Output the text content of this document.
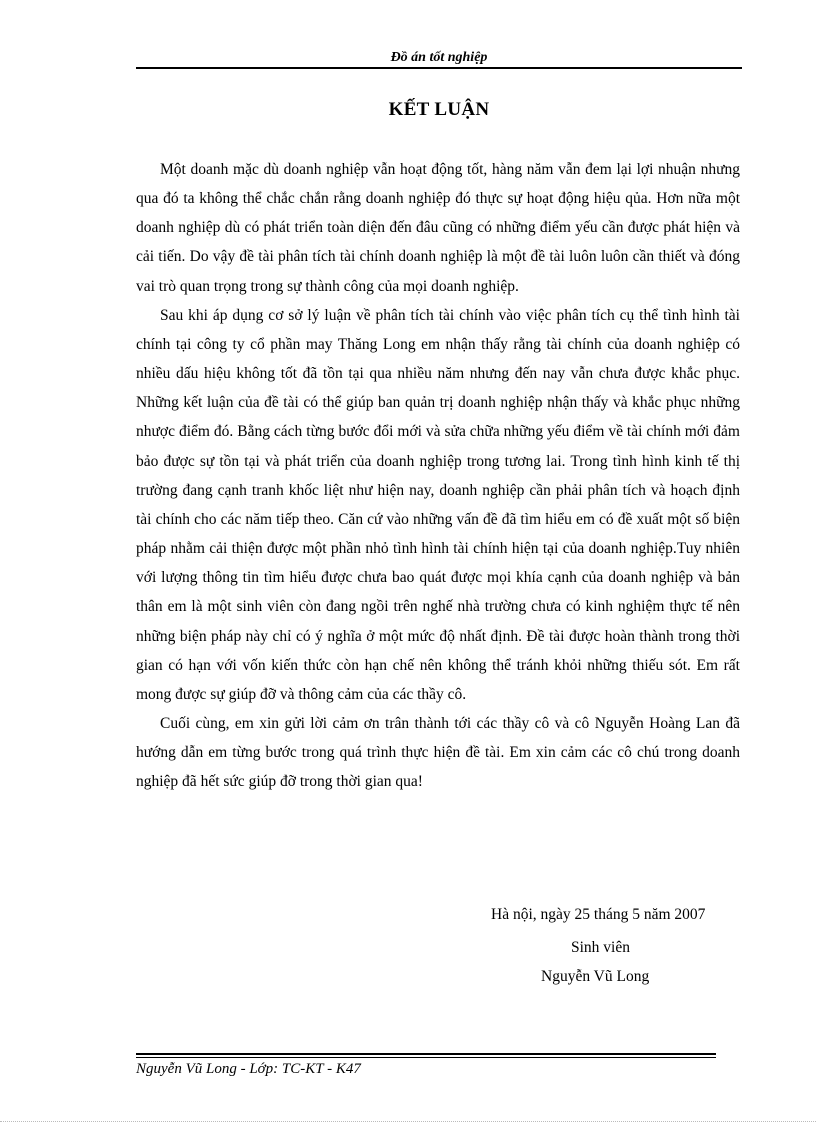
Đồ án tốt nghiệp
KẾT LUẬN

Một doanh mặc dù doanh nghiệp vẫn hoạt động tốt, hàng năm vẫn đem lại lợi nhuận nhưng qua đó ta không thể chắc chắn rằng doanh nghiệp đó thực sự hoạt động hiệu qủa. Hơn nữa một doanh nghiệp dù có phát triển toàn diện đến đâu cũng có những điểm yếu cần được phát hiện và cải tiến. Do vậy đề tài phân tích tài chính doanh nghiệp là một đề tài luôn luôn cần thiết và đóng vai trò quan trọng trong sự thành công của mọi doanh nghiệp.

Sau khi áp dụng cơ sở lý luận về phân tích tài chính vào việc phân tích cụ thể tình hình tài chính tại công ty cổ phần may Thăng Long em nhận thấy rằng tài chính của doanh nghiệp có nhiều dấu hiệu không tốt đã tồn tại qua nhiều năm nhưng đến nay vẫn chưa được khắc phục. Những kết luận của đề tài có thể giúp ban quản trị doanh nghiệp nhận thấy và khắc phục những nhược điểm đó. Bằng cách từng bước đổi mới và sửa chữa những yếu điểm về tài chính mới đảm bảo được sự tồn tại và phát triển của doanh nghiệp trong tương lai. Trong tình hình kinh tế thị trường đang cạnh tranh khốc liệt như hiện nay, doanh nghiệp cần phải phân tích và hoạch định tài chính cho các năm tiếp theo. Căn cứ vào những vấn đề đã tìm hiểu em có đề xuất một số biện pháp nhằm cải thiện được một phần nhỏ tình hình tài chính hiện tại của doanh nghiệp.Tuy nhiên với lượng thông tin tìm hiểu được chưa bao quát được mọi khía cạnh của doanh nghiệp và bản thân em là một sinh viên còn đang ngồi trên nghế nhà trường chưa có kinh nghiệm thực tế nên những biện pháp này chỉ có ý nghĩa ở một mức độ nhất định. Đề tài được hoàn thành trong thời gian có hạn với vốn kiến thức còn hạn chế nên không thể tránh khỏi những thiếu sót. Em rất mong được sự giúp đỡ và thông cảm của các thầy cô.

Cuối cùng, em xin gửi lời cảm ơn trân thành tới các thầy cô và cô Nguyễn Hoàng Lan đã hướng dẫn em từng bước trong quá trình thực hiện đề tài. Em xin cảm các cô chú trong doanh nghiệp đã hết sức giúp đỡ trong thời gian qua!

Hà nội, ngày 25 tháng 5 năm 2007
Sinh viên
Nguyễn Vũ Long
Nguyễn Vũ Long - Lớp: TC-KT - K47
